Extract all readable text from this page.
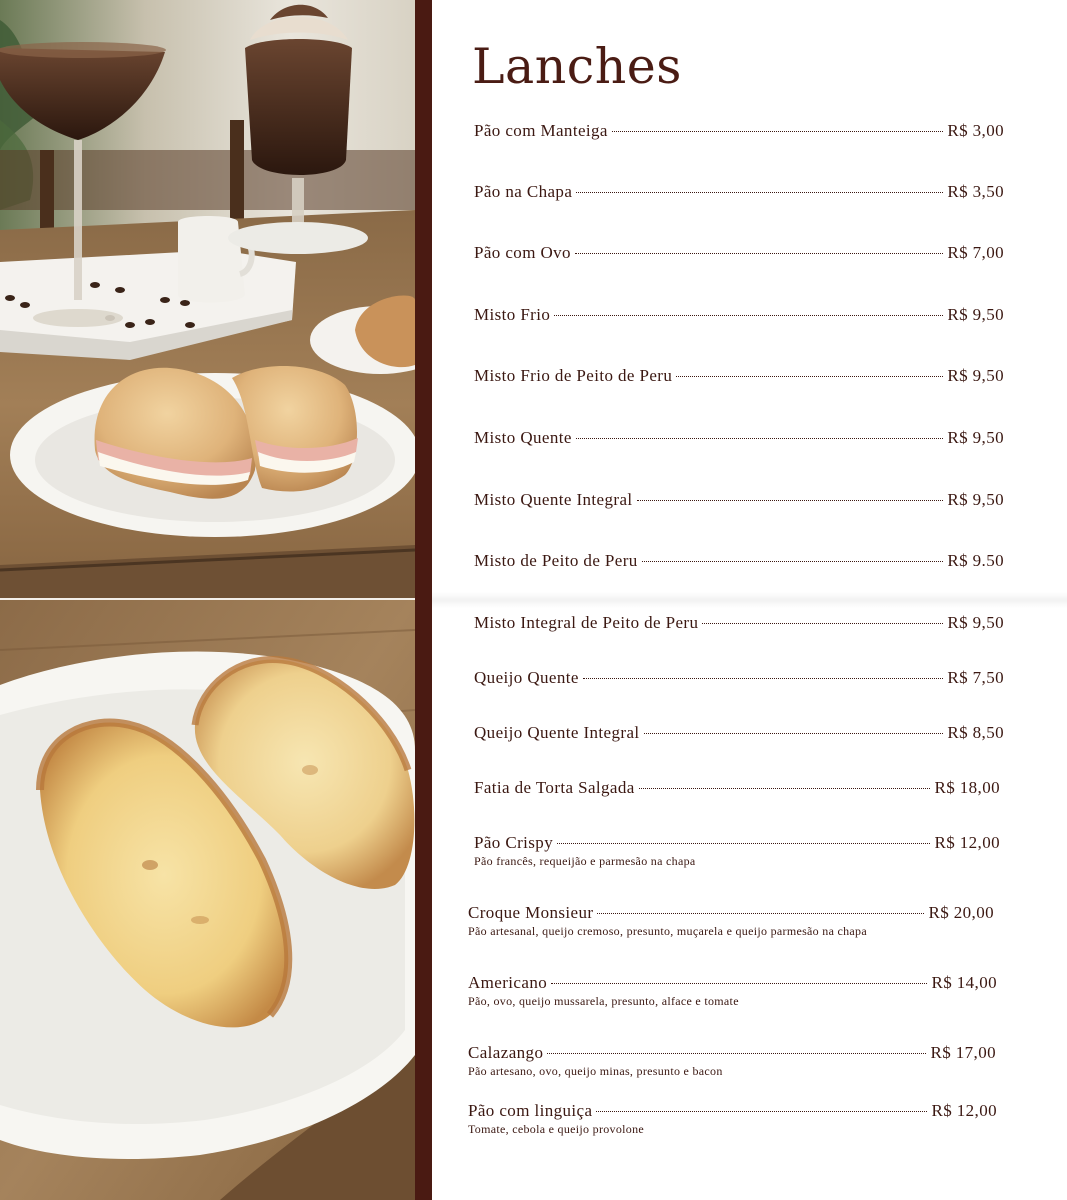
Lanches
Pão com Manteiga	R$ 3,00
Pão na Chapa	R$ 3,50
Pão com Ovo	R$ 7,00
Misto Frio	R$ 9,50
Misto Frio de Peito de Peru	R$ 9,50
Misto Quente	R$ 9,50
Misto Quente Integral	R$ 9,50
Misto de Peito de Peru	R$ 9.50
Misto Integral de Peito de Peru	R$ 9,50
Queijo Quente	R$ 7,50
Queijo Quente Integral	R$ 8,50
Fatia de Torta Salgada	R$ 18,00
Pão Crispy	R$ 12,00
Pão francês, requeijão e parmesão na chapa
Croque Monsieur	R$ 20,00
Pão artesanal, queijo cremoso, presunto, muçarela e queijo parmesão na chapa
Americano	R$ 14,00
Pão, ovo, queijo mussarela, presunto, alface e tomate
Calazango	R$ 17,00
Pão artesano, ovo, queijo minas, presunto e bacon
Pão com linguiça	R$ 12,00
Tomate, cebola e queijo provolone
